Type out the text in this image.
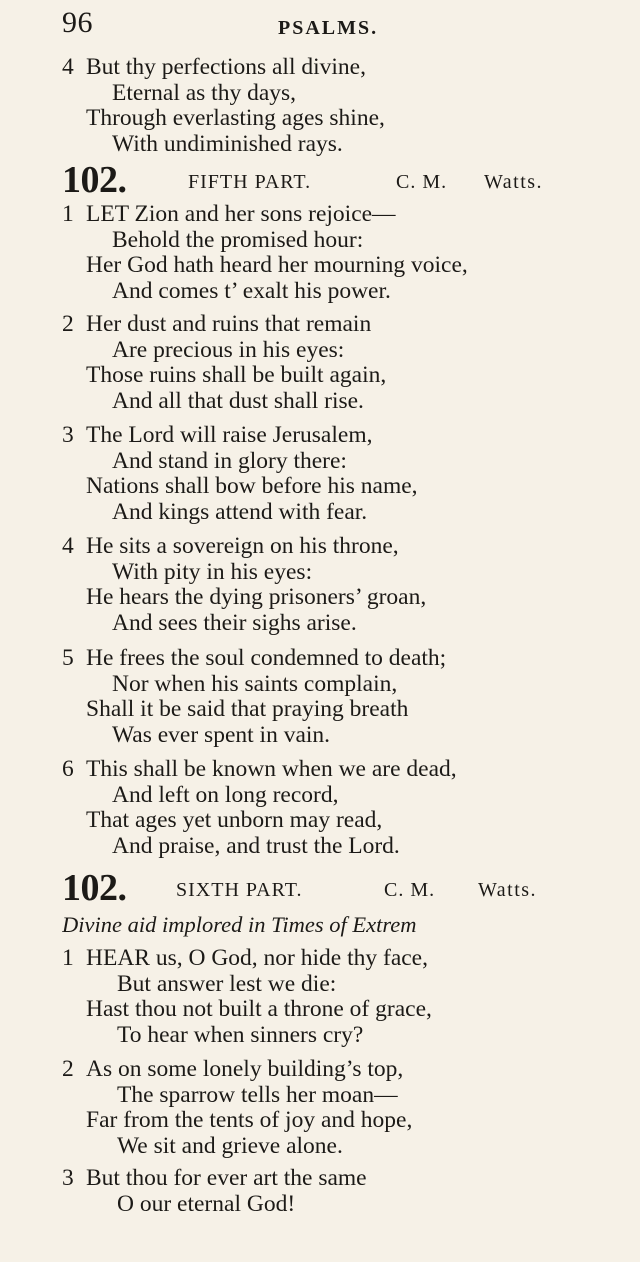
96	PSALMS.
4 But thy perfections all divine,
Eternal as thy days,
Through everlasting ages shine,
With undiminished rays.
102.	FIFTH PART.	C. M. Watts.
1 LET Zion and her sons rejoice—
Behold the promised hour:
Her God hath heard her mourning voice,
And comes t’ exalt his power.
2 Her dust and ruins that remain
Are precious in his eyes:
Those ruins shall be built again,
And all that dust shall rise.
3 The Lord will raise Jerusalem,
And stand in glory there:
Nations shall bow before his name,
And kings attend with fear.
4 He sits a sovereign on his throne,
With pity in his eyes:
He hears the dying prisoners’ groan,
And sees their sighs arise.
5 He frees the soul condemned to death;
Nor when his saints complain,
Shall it be said that praying breath
Was ever spent in vain.
6 This shall be known when we are dead,
And left on long record,
That ages yet unborn may read,
And praise, and trust the Lord.
102. SIXTH PART.	C. M. Watts.
Divine aid implored in Times of Extrem
1 HEAR us, O God, nor hide thy face,
But answer lest we die:
Hast thou not built a throne of grace,
To hear when sinners cry?
2 As on some lonely building’s top,
The sparrow tells her moan—
Far from the tents of joy and hope,
We sit and grieve alone.
3 But thou for ever art the same
O our eternal God!
